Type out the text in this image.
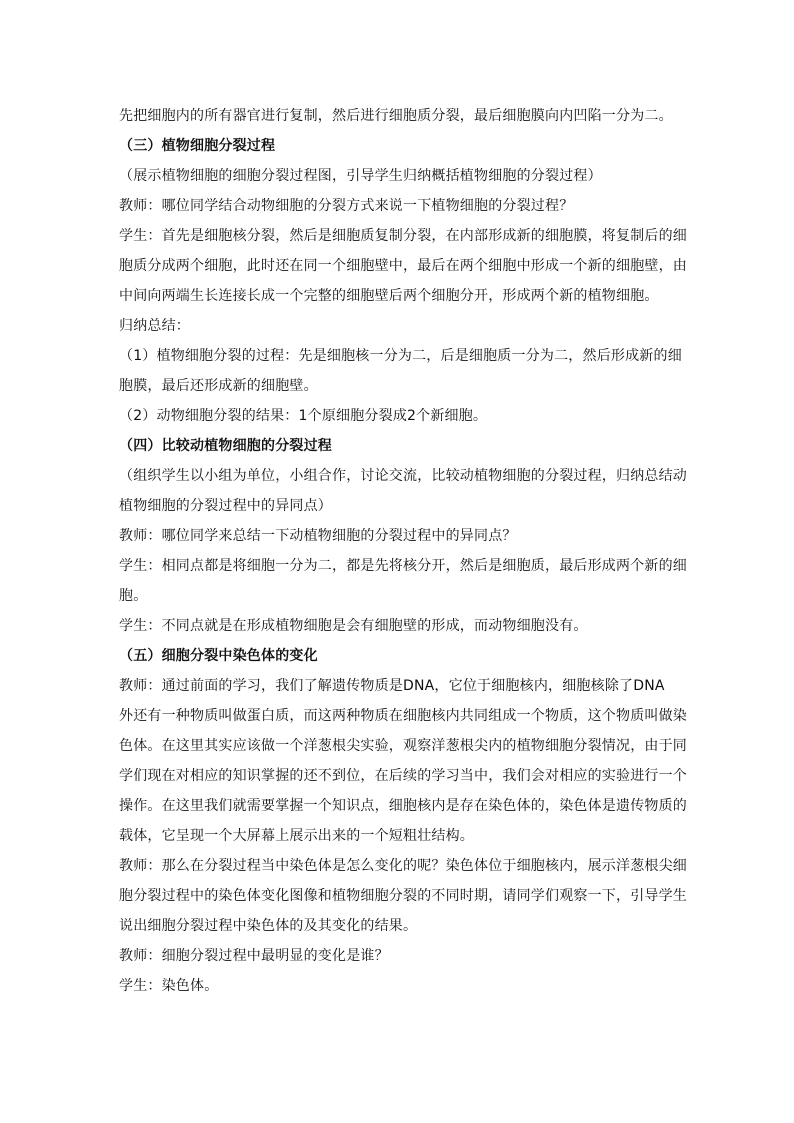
先把细胞内的所有器官进行复制，然后进行细胞质分裂，最后细胞膜向内凹陷一分为二。
（三）植物细胞分裂过程
（展示植物细胞的细胞分裂过程图，引导学生归纳概括植物细胞的分裂过程）
教师：哪位同学结合动物细胞的分裂方式来说一下植物细胞的分裂过程？
学生：首先是细胞核分裂，然后是细胞质复制分裂，在内部形成新的细胞膜，将复制后的细
胞质分成两个细胞，此时还在同一个细胞壁中，最后在两个细胞中形成一个新的细胞壁，由
中间向两端生长连接长成一个完整的细胞壁后两个细胞分开，形成两个新的植物细胞。
归纳总结：
（1）植物细胞分裂的过程：先是细胞核一分为二，后是细胞质一分为二，然后形成新的细
胞膜，最后还形成新的细胞壁。
（2）动物细胞分裂的结果：1个原细胞分裂成2个新细胞。
（四）比较动植物细胞的分裂过程
（组织学生以小组为单位，小组合作，讨论交流，比较动植物细胞的分裂过程，归纳总结动
植物细胞的分裂过程中的异同点）
教师：哪位同学来总结一下动植物细胞的分裂过程中的异同点？
学生：相同点都是将细胞一分为二，都是先将核分开，然后是细胞质，最后形成两个新的细
胞。
学生：不同点就是在形成植物细胞是会有细胞壁的形成，而动物细胞没有。
（五）细胞分裂中染色体的变化
教师：通过前面的学习，我们了解遗传物质是DNA，它位于细胞核内，细胞核除了DNA
外还有一种物质叫做蛋白质，而这两种物质在细胞核内共同组成一个物质，这个物质叫做染
色体。在这里其实应该做一个洋葱根尖实验，观察洋葱根尖内的植物细胞分裂情况，由于同
学们现在对相应的知识掌握的还不到位，在后续的学习当中，我们会对相应的实验进行一个
操作。在这里我们就需要掌握一个知识点，细胞核内是存在染色体的，染色体是遗传物质的
载体，它呈现一个大屏幕上展示出来的一个短粗壮结构。
教师：那么在分裂过程当中染色体是怎么变化的呢？染色体位于细胞核内，展示洋葱根尖细
胞分裂过程中的染色体变化图像和植物细胞分裂的不同时期，请同学们观察一下，引导学生
说出细胞分裂过程中染色体的及其变化的结果。
教师：细胞分裂过程中最明显的变化是谁？
学生：染色体。
